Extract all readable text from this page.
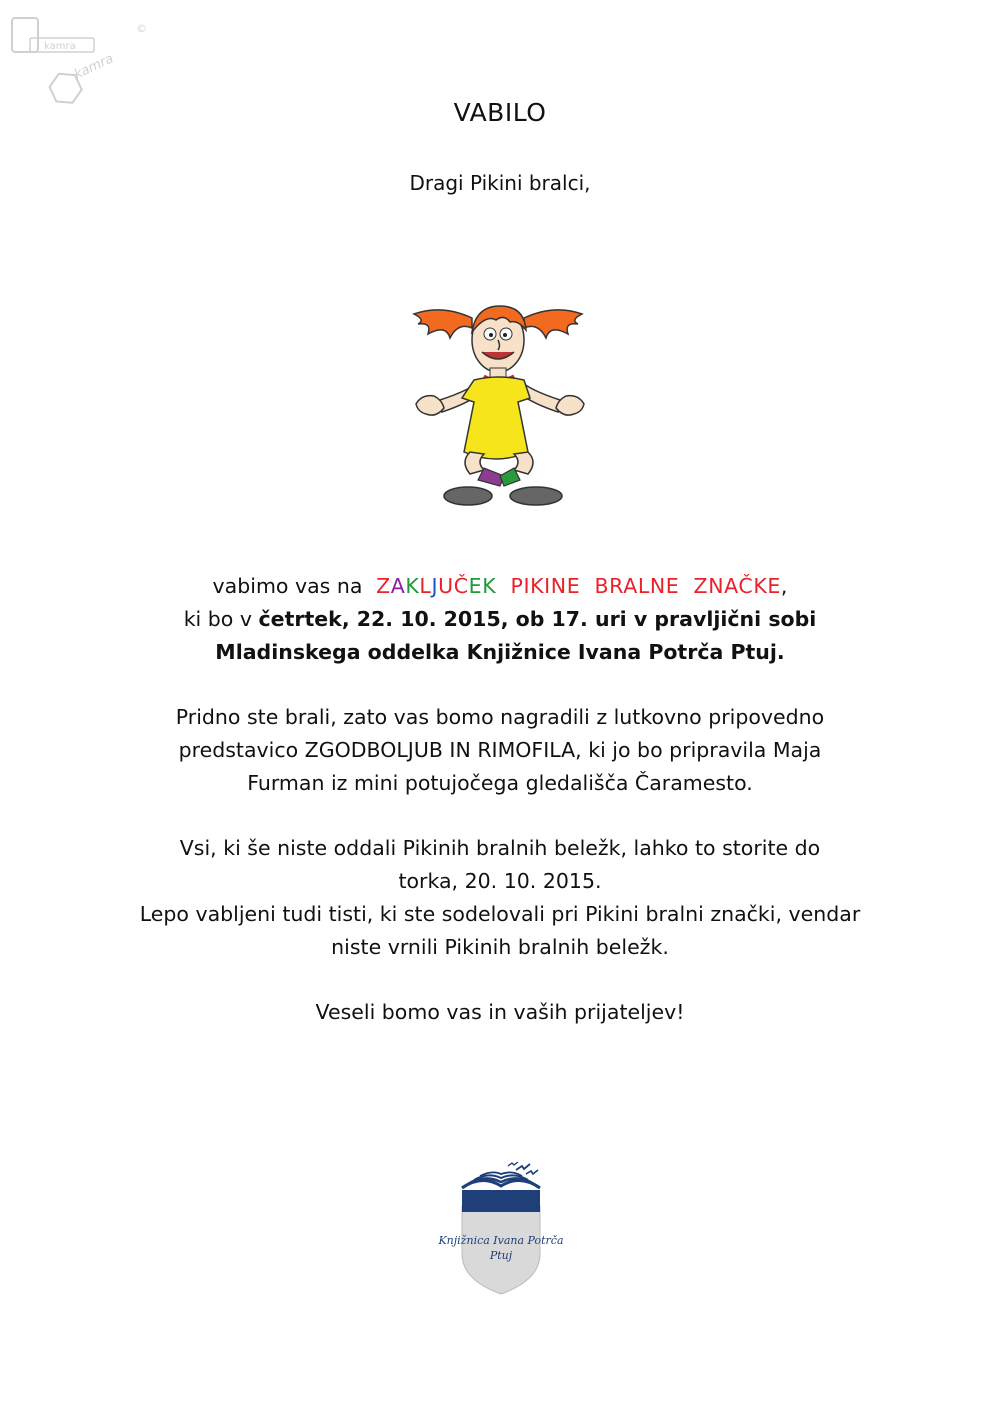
kamra
©
kamra
VABILO
Dragi Pikini bralci,
vabimo vas na ZAKLJUČEK  PIKINE  BRALNE  ZNAČKE,
ki bo v četrtek, 22. 10. 2015, ob 17. uri v pravljični sobi
Mladinskega oddelka Knjižnice Ivana Potrča Ptuj.
Pridno ste brali, zato vas bomo nagradili z lutkovno pripovedno
predstavico ZGODBOLJUB IN RIMOFILA, ki jo bo pripravila Maja
Furman iz mini potujočega gledališča Čaramesto.
Vsi, ki še niste oddali Pikinih bralnih beležk, lahko to storite do
torka, 20. 10. 2015.
Lepo vabljeni tudi tisti, ki ste sodelovali pri Pikini bralni znački, vendar
niste vrnili Pikinih bralnih beležk.
Veseli bomo vas in vaših prijateljev!
Knjižnica Ivana Potrča
Ptuj
